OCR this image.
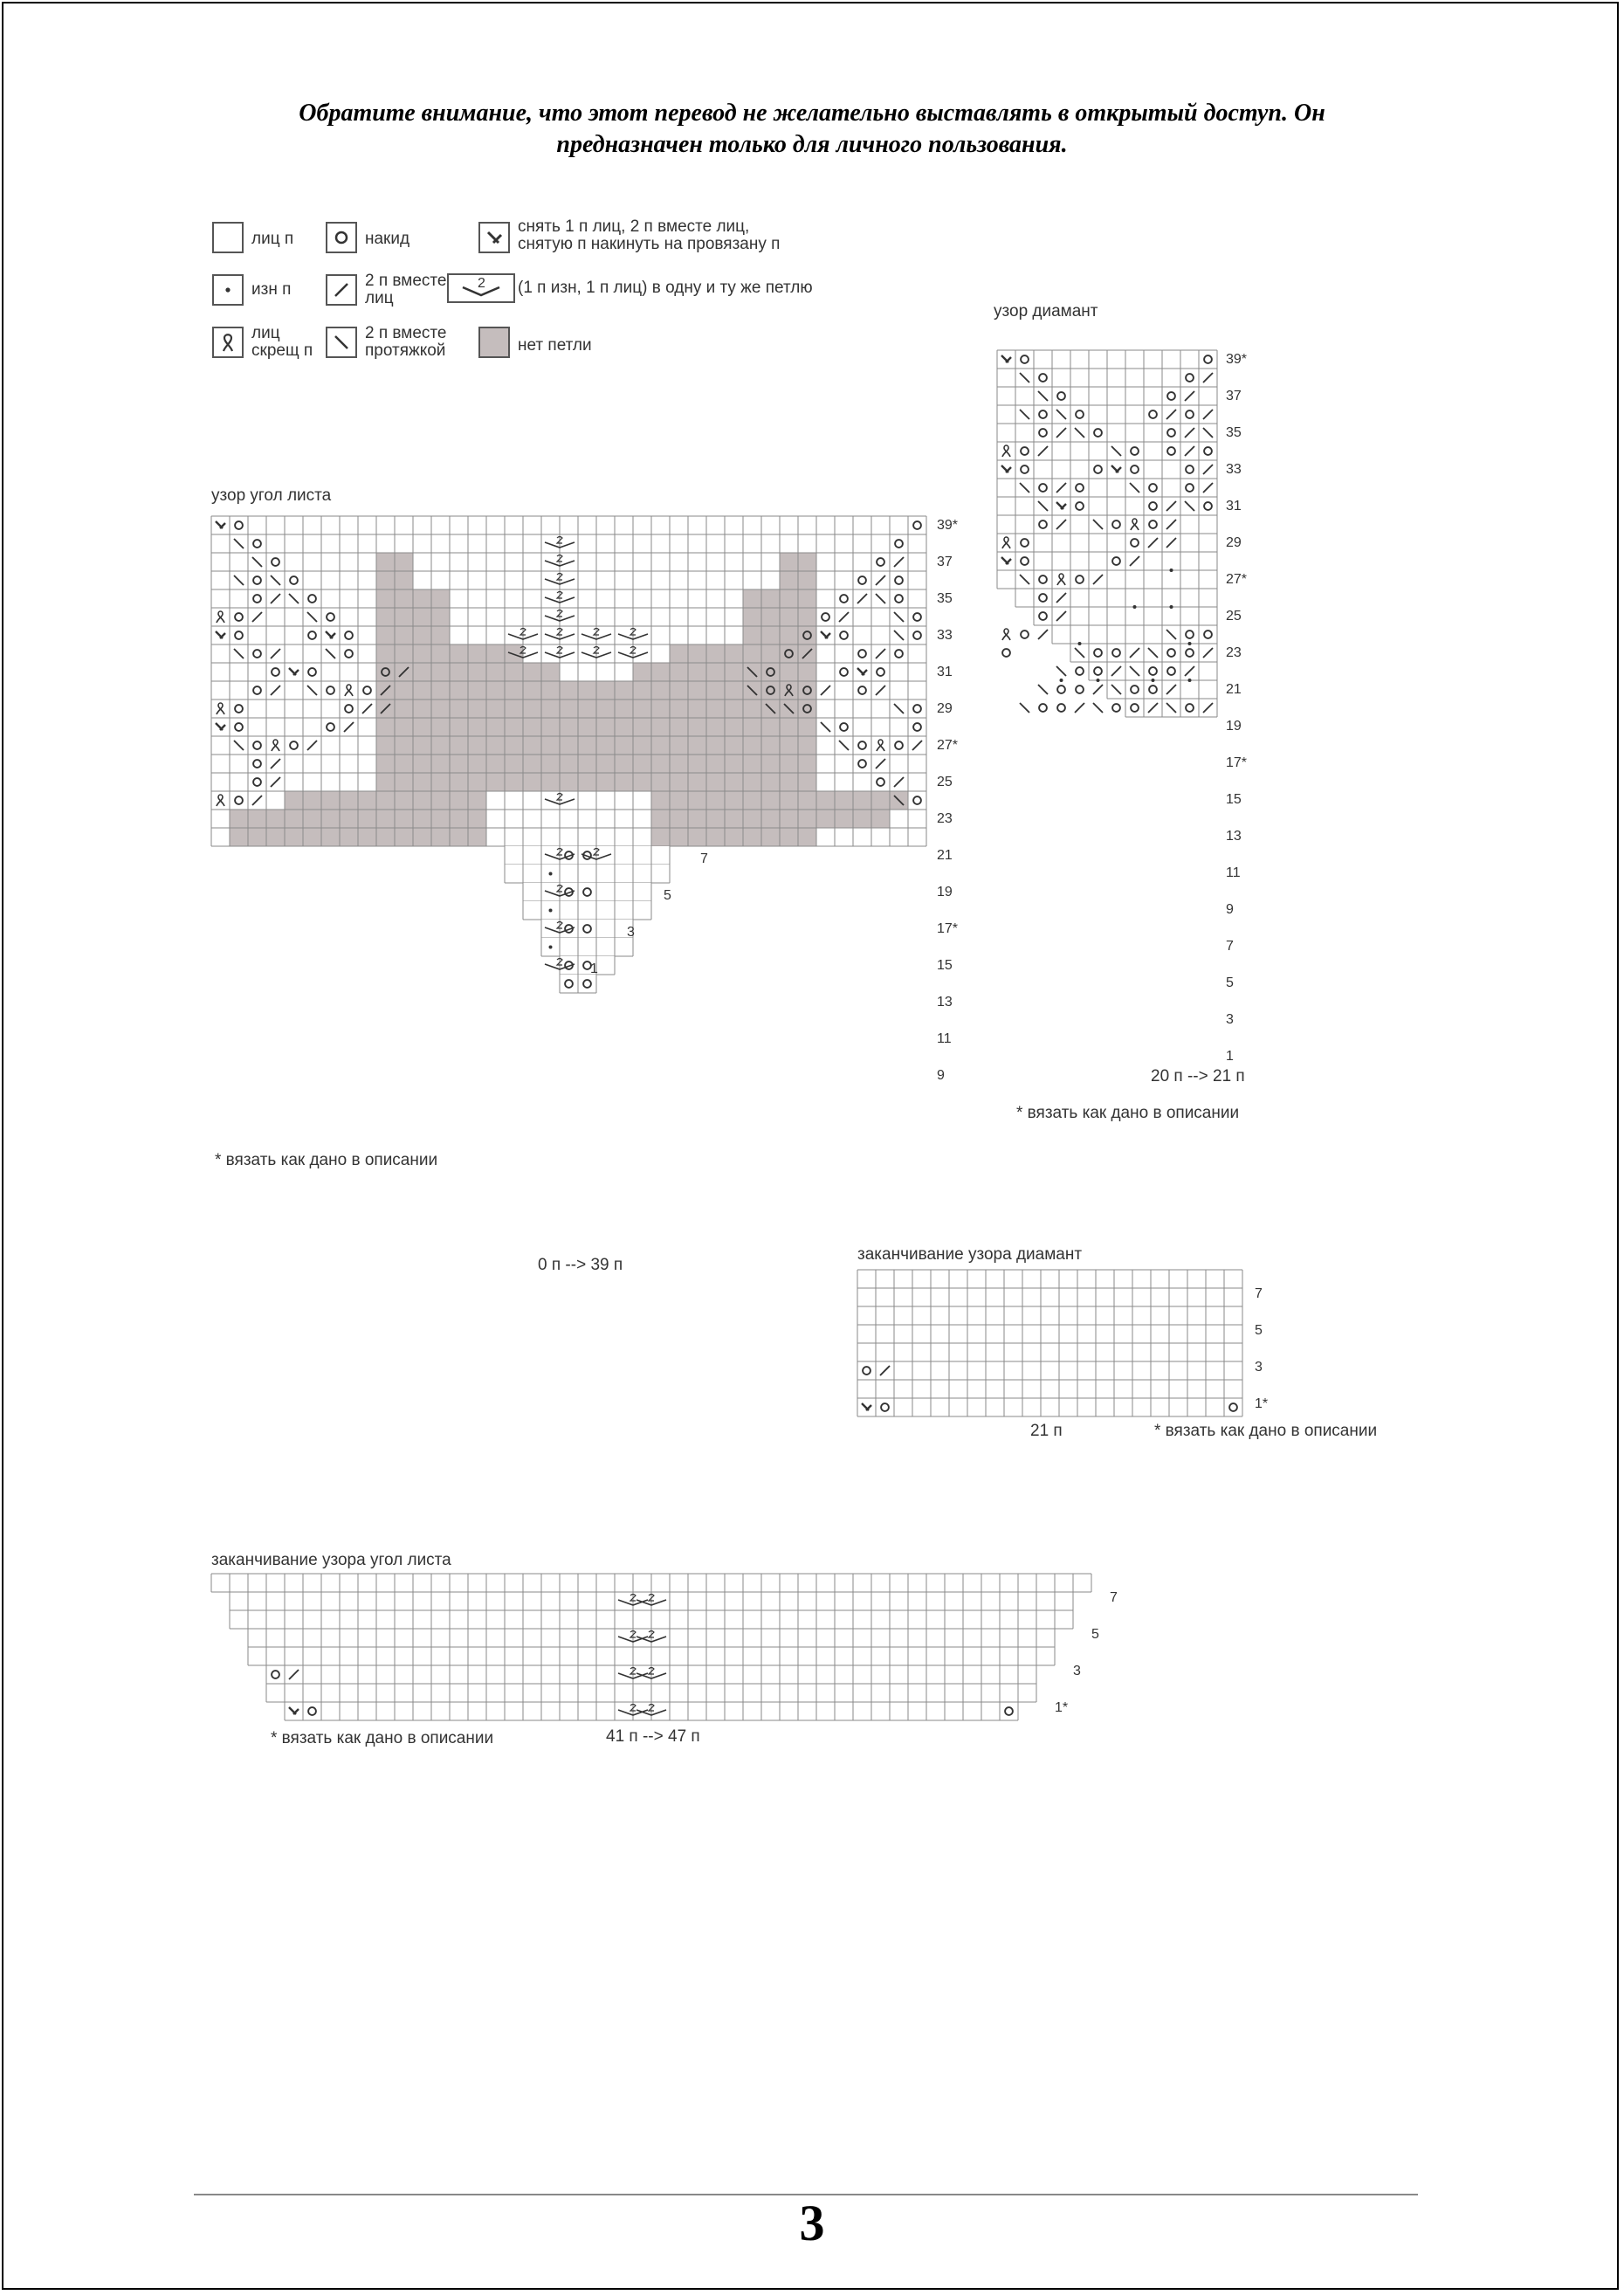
Обратите внимание, что этот перевод не желательно выставлять в открытый доступ. Он
предназначен только для личного пользования.
лиц п	накид
снять 1 п лиц, 2 п вместе лиц,
снятую п накинуть на провязану п
изн п	2 п вместе
лиц
2 (1 п изн, 1 п лиц) в одну и ту же петлю
лиц
скрещ п
2 п вместе
протяжкой	нет петли
узор диамант
39*
37
35
33
31
29
27*
25
23
21
19
17*
15
13
11
9
7
5
3
1
20 п --> 21 п
* вязать как дано в описании
узор угол листа
39*
37
35
33
31
29
27*
25
23
21
19
17*
15
13
11
9
7
5
3
1
0 п --> 39 п
* вязать как дано в описании
заканчивание узора диамант
7
5
3
1*
21 п	* вязать как дано в описании
заканчивание узора угол листа
7
5
3
1*
41 п --> 47 п
* вязать как дано в описании
3
